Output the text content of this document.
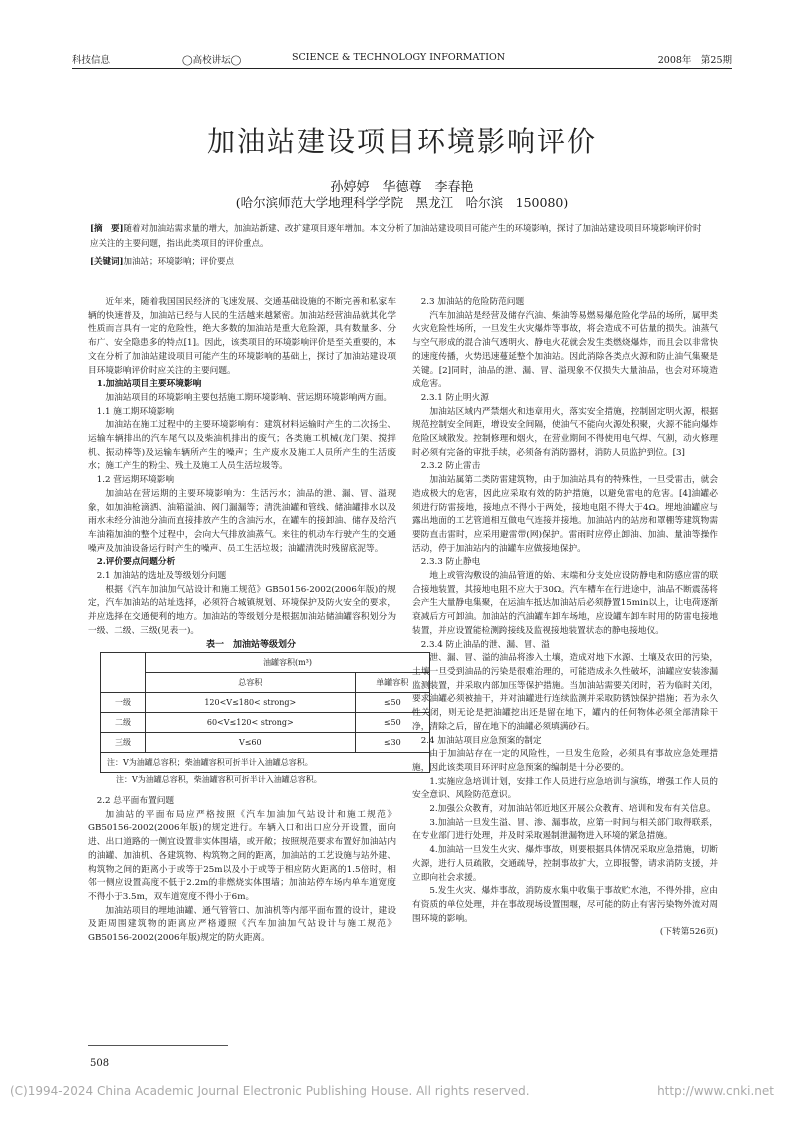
科技信息	◯高校讲坛◯	SCIENCE & TECHNOLOGY INFORMATION	2008年　第25期
加油站建设项目环境影响评价
孙婷婷　华德尊　李春艳
(哈尔滨师范大学地理科学学院　黑龙江　哈尔滨　150080)
[摘　要]随着对加油站需求量的增大，加油站新建、改扩建项目逐年增加。本文分析了加油站建设项目可能产生的环境影响，探讨了加油站建设项目环境影响评价时应关注的主要问题，指出此类项目的评价重点。
[关键词]加油站；环境影响；评价要点

近年来，随着我国国民经济的飞速发展、交通基础设施的不断完善和私家车辆的快速普及，加油站已经与人民的生活越来越紧密。加油站经营油品就其化学性质而言具有一定的危险性，绝大多数的加油站是重大危险源，具有数量多、分布广、安全隐患多的特点[1]。因此，该类项目的环境影响评价是至关重要的，本文在分析了加油站建设项目可能产生的环境影响的基础上，探讨了加油站建设项目环境影响评价时应关注的主要问题。

1.加油站项目主要环境影响

加油站项目的环境影响主要包括施工期环境影响、营运期环境影响两方面。

1.1 施工期环境影响

加油站在施工过程中的主要环境影响有：建筑材料运输时产生的二次扬尘、运输车辆排出的汽车尾气以及柴油机排出的废气；各类施工机械(龙门架、搅拌机、振动棒等)及运输车辆所产生的噪声；生产废水及施工人员所产生的生活废水；施工产生的粉尘、残土及施工人员生活垃圾等。

1.2 营运期环境影响

加油站在营运期的主要环境影响为：生活污水；油品的泄、漏、冒、溢现象，如加油枪滴洒、油箱溢油、阀门漏漏等；清洗油罐和管线、储油罐排水以及雨水未经分油池分油而直接排放产生的含油污水，在罐车的接卸油、储存及给汽车油箱加油的整个过程中，会向大气排放油蒸气。来往的机动车行驶产生的交通噪声及加油设备运行时产生的噪声、员工生活垃圾；油罐清洗时残留底泥等。

2.评价要点问题分析

2.1 加油站的选址及等级划分问题

根据《汽车加油加气站设计和施工规范》GB50156-2002(2006年版)的规定，汽车加油站的站址选择，必须符合城镇规划、环境保护及防火安全的要求，并应选择在交通便利的地方。加油站的等级划分是根据加油站储油罐容积划分为一级、二级、三级(见表一)。

表一　加油站等级划分

	油罐容积(m³)	
	总容积	单罐容积
一级	120<V≤180< strong>	≤50
二级	60<V≤120< strong>	≤50
三级	V≤60	≤30
注：V为油罐总容积；柴油罐容积可折半计入油罐总容积。		

注：V为油罐总容积，柴油罐容积可折半计入油罐总容积。

2.2 总平面布置问题

加油站的平面布局应严格按照《汽车加油加气站设计和施工规范》GB50156-2002(2006年版)的规定进行。车辆入口和出口应分开设置，面向进、出口道路的一侧宜设置非实体围墙，或开敞；按照规范要求布置好加油站内的油罐、加油机、各建筑物、构筑物之间的距离，加油站的工艺设施与站外建、构筑物之间的距离小于或等于25m以及小于或等于相应防火距离的1.5倍时，相邻一侧应设置高度不低于2.2m的非燃烧实体围墙；加油站停车场内单车道宽度不得小于3.5m，双车道宽度不得小于6m。

加油站项目的埋地油罐、通气管管口、加油机等内部平面布置的设计，建设及距周围建筑物的距离应严格遵照《汽车加油加气站设计与施工规范》GB50156-2002(2006年版)规定的防火距离。

2.3 加油站的危险防范问题

汽车加油站是经营及储存汽油、柴油等易燃易爆危险化学品的场所，属甲类火灾危险性场所，一旦发生火灾爆炸等事故，将会造成不可估量的损失。油蒸气与空气形成的混合油气透明火、静电火花就会发生类燃烧爆炸，而且会以非常快的速度传播，火势迅速蔓延整个加油站。因此消除各类点火源和防止油气集聚是关键。[2]同时，油品的泄、漏、冒、溢现象不仅损失大量油品，也会对环境造成危害。

2.3.1 防止明火源

加油站区域内严禁烟火和违章用火，落实安全措施，控制固定明火源，根据规范控制安全间距，增设安全间隔，使油气不能向火源处积聚，火源不能向爆炸危险区域散发。控制修理和烟火，在营业期间不得使用电气焊、气割，动火修理时必须有完备的审批手续，必须备有消防器材，消防人员监护到位。[3]

2.3.2 防止雷击

加油站属第二类防雷建筑物，由于加油站具有的特殊性，一旦受雷击，就会造成极大的危害，因此应采取有效的防护措施，以避免雷电的危害。[4]油罐必须进行防雷接地，接地点不得小于两处，接地电阻不得大于4Ω。埋地油罐应与露出地面的工艺管道相互做电气连接并接地。加油站内的站房和罩棚等建筑物需要防直击雷时，应采用避雷带(网)保护。雷雨时应停止卸油、加油、量油等操作活动，停于加油站内的油罐车应做接地保护。

2.3.3 防止静电

地上或管沟敷设的油品管道的始、末端和分支处应设防静电和防感应雷的联合接地装置，其接地电阻不应大于30Ω。汽车槽车在行进途中，油品不断震荡将会产生大量静电集聚，在运油车抵达加油站后必须静置15min以上，让电荷逐渐衰减后方可卸油。加油站的汽油罐车卸车场地，应设罐车卸车时用的防雷电接地装置，并应设置能检测跨接线及监视接地装置状态的静电接地仪。

2.3.4 防止油品的泄、漏、冒、溢

泄、漏、冒、溢的油品将渗入土壤，造成对地下水源、土壤及农田的污染，土壤一旦受到油品的污染是很难治理的，可能造成永久性破坏，油罐应安装渗漏监测装置，并采取内部加压等保护措施。当加油站需要关闭时，若为临时关闭，要求油罐必须被抽干，并对油罐进行连续监测并采取防锈蚀保护措施；若为永久性关闭，则无论是把油罐挖出还是留在地下，罐内的任何物体必须全部清除干净，清除之后，留在地下的油罐必须填满砂石。

2.4 加油站项目应急预案的制定

由于加油站存在一定的风险性，一旦发生危险，必须具有事故应急处理措施，因此该类项目环评时应急预案的编制是十分必要的。

1.实施应急培训计划，安排工作人员进行应急培训与演练，增强工作人员的安全意识、风险防范意识。

2.加强公众教育，对加油站邻近地区开展公众教育、培训和发布有关信息。

3.加油站一旦发生溢、冒、渗、漏事故，应第一时间与相关部门取得联系，在专业部门进行处理，并及时采取遏制泄漏物进入环境的紧急措施。

4.加油站一旦发生火灾、爆炸事故，则要根据具体情况采取应急措施，切断火源，进行人员疏散，交通疏导，控制事故扩大，立即报警，请求消防支援，并立即向社会求援。

5.发生火灾、爆炸事故，消防废水集中收集于事故贮水池，不得外排，应由有资质的单位处理，并在事故现场设置围堰，尽可能的防止有害污染物外流对周围环境的影响。

(下转第526页)

508
(C)1994-2024 China Academic Journal Electronic Publishing House. All rights reserved.	http://www.cnki.net
